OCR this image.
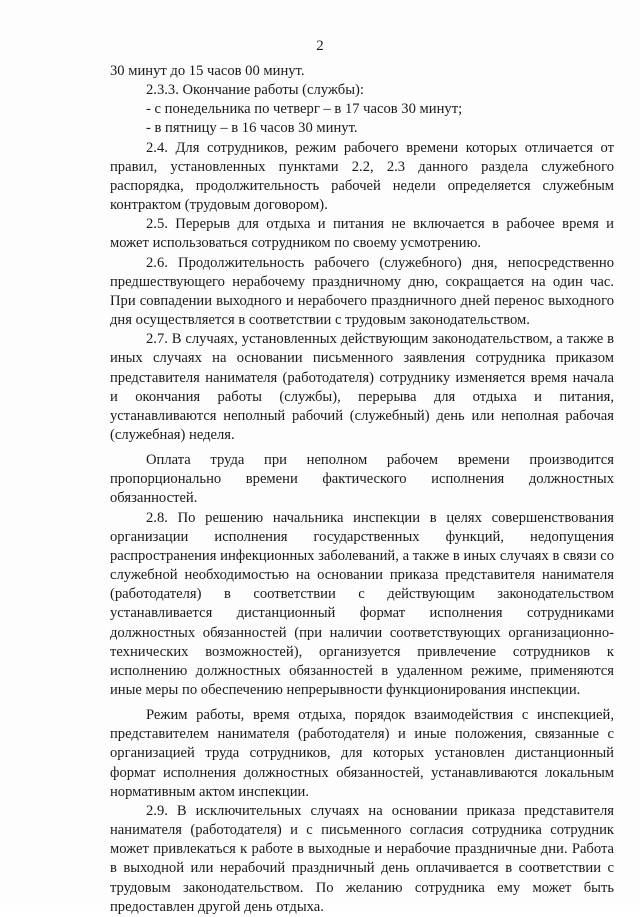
2

30 минут до 15 часов 00 минут.

2.3.3. Окончание работы (службы):

- с понедельника по четверг – в 17 часов 30 минут;

- в пятницу – в 16 часов 30 минут.

2.4. Для сотрудников, режим рабочего времени которых отличается от правил, установленных пунктами 2.2, 2.3 данного раздела служебного распорядка, продолжительность рабочей недели определяется служебным контрактом (трудовым договором).

2.5. Перерыв для отдыха и питания не включается в рабочее время и может использоваться сотрудником по своему усмотрению.

2.6. Продолжительность рабочего (служебного) дня, непосредственно предшествующего нерабочему праздничному дню, сокращается на один час. При совпадении выходного и нерабочего праздничного дней перенос выходного дня осуществляется в соответствии с трудовым законодательством.

2.7. В случаях, установленных действующим законодательством, а также в иных случаях на основании письменного заявления сотрудника приказом представителя нанимателя (работодателя) сотруднику изменяется время начала и окончания работы (службы), перерыва для отдыха и питания, устанавливаются неполный рабочий (служебный) день или неполная рабочая (служебная) неделя.

Оплата труда при неполном рабочем времени производится пропорционально времени фактического исполнения должностных обязанностей.

2.8. По решению начальника инспекции в целях совершенствования организации исполнения государственных функций, недопущения распространения инфекционных заболеваний, а также в иных случаях в связи со служебной необходимостью на основании приказа представителя нанимателя (работодателя) в соответствии с действующим законодательством устанавливается дистанционный формат исполнения сотрудниками должностных обязанностей (при наличии соответствующих организационно-технических возможностей), организуется привлечение сотрудников к исполнению должностных обязанностей в удаленном режиме, применяются иные меры по обеспечению непрерывности функционирования инспекции.

Режим работы, время отдыха, порядок взаимодействия с инспекцией, представителем нанимателя (работодателя) и иные положения, связанные с организацией труда сотрудников, для которых установлен дистанционный формат исполнения должностных обязанностей, устанавливаются локальным нормативным актом инспекции.

2.9. В исключительных случаях на основании приказа представителя нанимателя (работодателя) и с письменного согласия сотрудника сотрудник может привлекаться к работе в выходные и нерабочие праздничные дни. Работа в выходной или нерабочий праздничный день оплачивается в соответствии с трудовым законодательством. По желанию сотрудника ему может быть предоставлен другой день отдыха.
